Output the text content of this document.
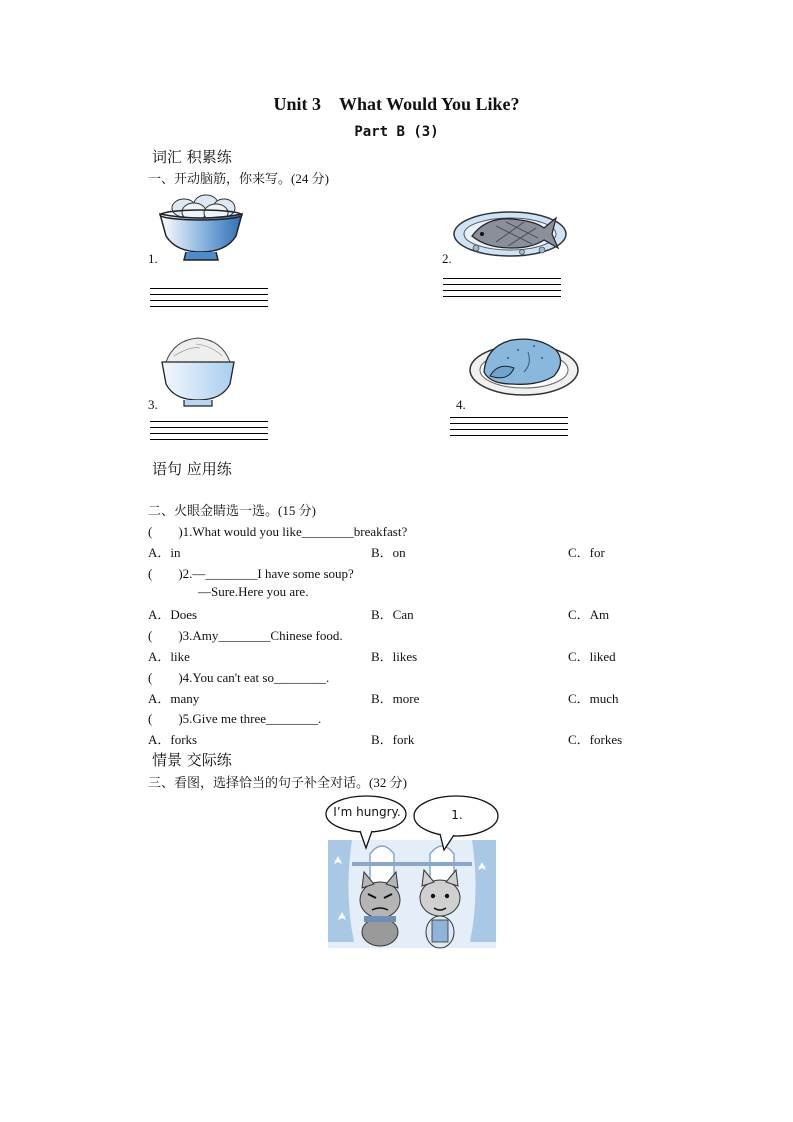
Unit 3　What Would You Like?
Part B (3)
词汇 积累练
一、开动脑筋，你来写。(24 分)
1.	2.
3.	4.
语句 应用练
二、火眼金睛选一选。(15 分)
(　　)1.What would you like________breakfast?
A．in	B．on	C．for
(　　)2.—________I have some soup?
—Sure.Here you are.
A．Does	B．Can	C．Am
(　　)3.Amy________Chinese food.
A．like	B．likes	C．liked
(　　)4.You can't eat so________.
A．many	B．more	C．much
(　　)5.Give me three________.
A．forks	B．fork	C．forkes
情景 交际练
三、看图，选择恰当的句子补全对话。(32 分)
I’m hungry.	1.
